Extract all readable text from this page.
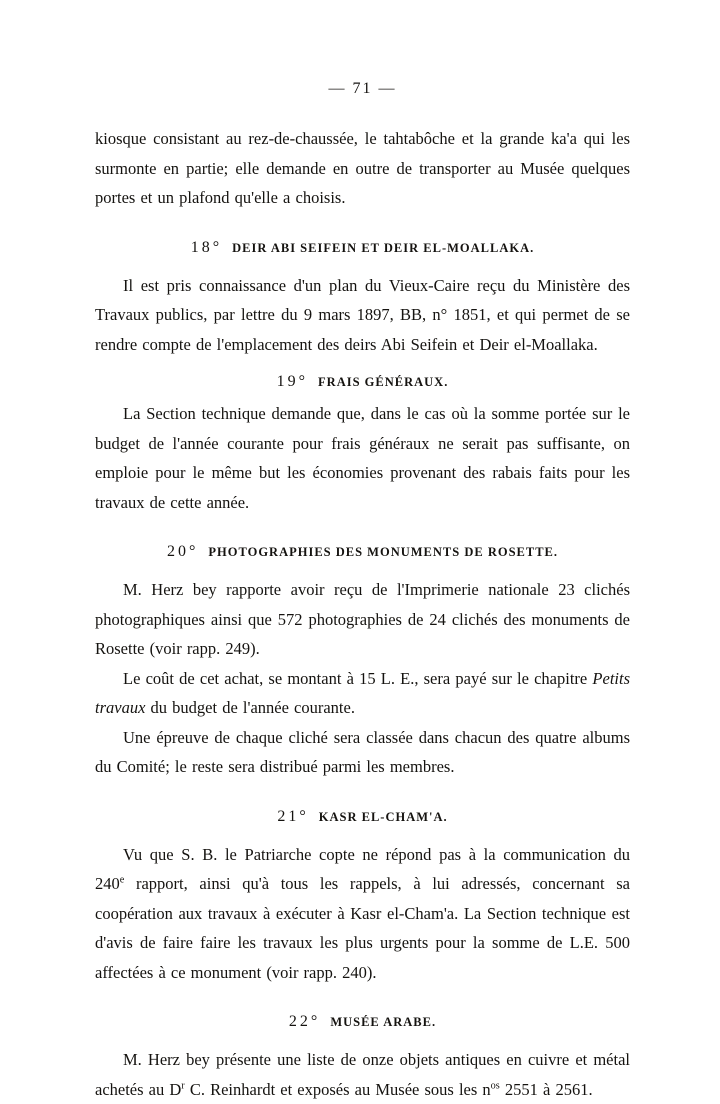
— 71 —

kiosque consistant au rez-de-chaussée, le tahtabôche et la grande ka'a qui les surmonte en partie; elle demande en outre de transporter au Musée quelques portes et un plafond qu'elle a choisis.

18° DEIR ABI SEIFEIN ET DEIR EL-MOALLAKA.

Il est pris connaissance d'un plan du Vieux-Caire reçu du Ministère des Travaux publics, par lettre du 9 mars 1897, BB, n° 1851, et qui permet de se rendre compte de l'emplacement des deirs Abi Seifein et Deir el-Moallaka.

19° FRAIS GÉNÉRAUX.

La Section technique demande que, dans le cas où la somme portée sur le budget de l'année courante pour frais généraux ne serait pas suffisante, on emploie pour le même but les économies provenant des rabais faits pour les travaux de cette année.

20° PHOTOGRAPHIES DES MONUMENTS DE ROSETTE.

M. Herz bey rapporte avoir reçu de l'Imprimerie nationale 23 clichés photographiques ainsi que 572 photographies de 24 clichés des monuments de Rosette (voir rapp. 249).

Le coût de cet achat, se montant à 15 L. E., sera payé sur le chapitre Petits travaux du budget de l'année courante.

Une épreuve de chaque cliché sera classée dans chacun des quatre albums du Comité; le reste sera distribué parmi les membres.

21° KASR EL-CHAM'A.

Vu que S. B. le Patriarche copte ne répond pas à la communication du 240e rapport, ainsi qu'à tous les rappels, à lui adressés, concernant sa coopération aux travaux à exécuter à Kasr el-Cham'a. La Section technique est d'avis de faire faire les travaux les plus urgents pour la somme de L.E. 500 affectées à ce monument (voir rapp. 240).

22° MUSÉE ARABE.

M. Herz bey présente une liste de onze objets antiques en cuivre et métal achetés au $D^r$ C. Reinhardt et exposés au Musée sous les $n^{os}$ 2551 à 2561.
